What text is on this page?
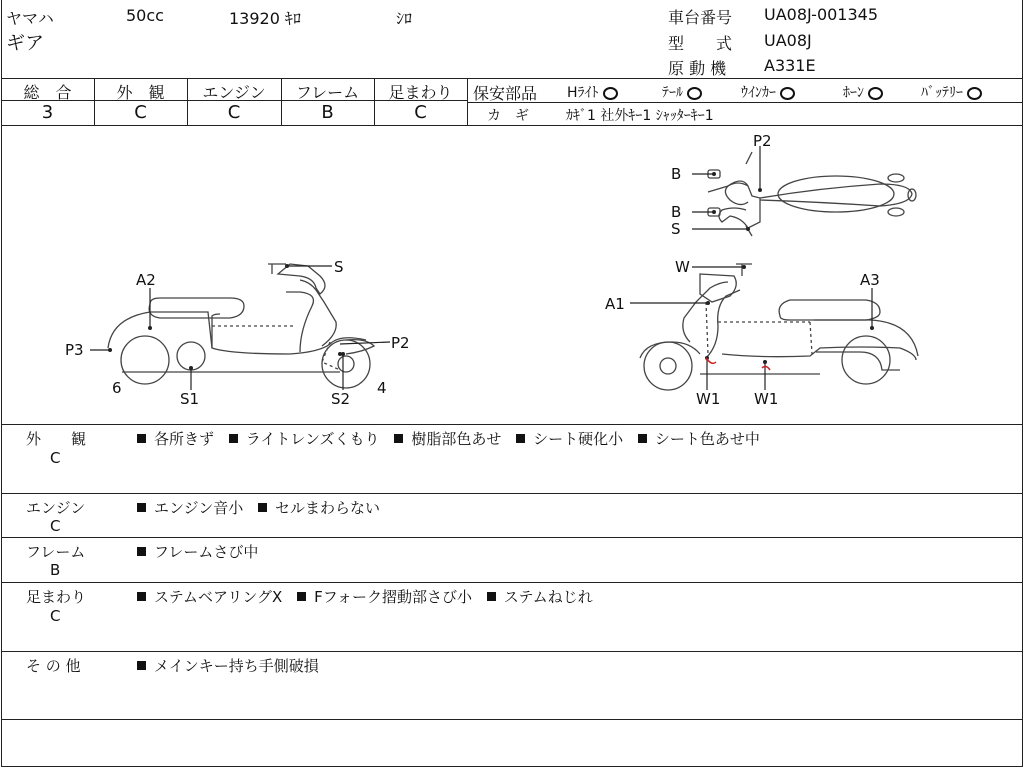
ヤマハ	50cc	13920 ｷﾛ	ｼﾛ
ギア
車台番号 UA08J-001345
型　　式 UA08J
原 動 機 A331E
総　合	外　観	エンジン	フレーム	足まわり
3	C	C	B	C
保安部品 Hﾗｲﾄ	ﾃｰﾙ	ｳｲﾝｶｰ	ﾎｰﾝ	ﾊﾞｯﾃﾘｰ
カ　ギ	ｶｷﾞ1 社外ｷｰ1 ｼｬｯﾀｰｷｰ1
P2
B
B
S
A2
S
P3	P2
6
S1	S2
4
W
A3
A1
W1 W1
外　　観
C
各所きず ライトレンズくもり 樹脂部色あせ シート硬化小 シート色あせ中
エンジン
C
エンジン音小 セルまわらない
フレーム
B
フレームさび中
足まわり
C
ステムベアリングX Fフォーク摺動部さび小 ステムねじれ
そ の 他	メインキー持ち手側破損
